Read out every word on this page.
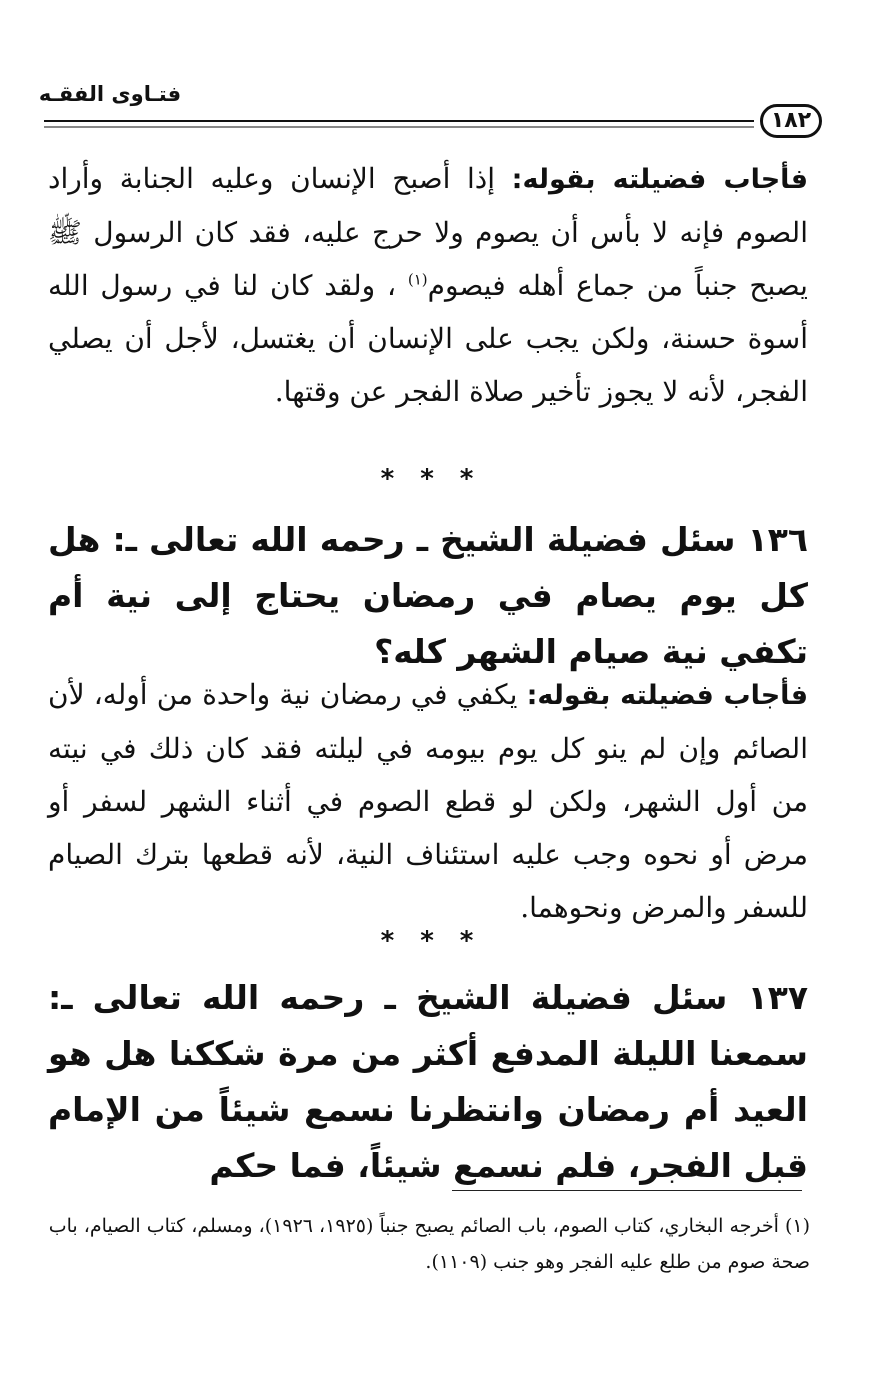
فتـاوى الفقـه
١٨٢

فأجاب فضيلته بقوله: إذا أصبح الإنسان وعليه الجنابة وأراد الصوم فإنه لا بأس أن يصوم ولا حرج عليه، فقد كان الرسول ﷺ يصبح جنباً من جماع أهله فيصوم$^{(١)}$ ، ولقد كان لنا في رسول الله أسوة حسنة، ولكن يجب على الإنسان أن يغتسل، لأجل أن يصلي الفجر، لأنه لا يجوز تأخير صلاة الفجر عن وقتها.

***

١٣٦ سئل فضيلة الشيخ ـ رحمه الله تعالى ـ: هل كل يوم يصام في رمضان يحتاج إلى نية أم تكفي نية صيام الشهر كله؟

فأجاب فضيلته بقوله: يكفي في رمضان نية واحدة من أوله، لأن الصائم وإن لم ينو كل يوم بيومه في ليلته فقد كان ذلك في نيته من أول الشهر، ولكن لو قطع الصوم في أثناء الشهر لسفر أو مرض أو نحوه وجب عليه استئناف النية، لأنه قطعها بترك الصيام للسفر والمرض ونحوهما.

***

١٣٧ سئل فضيلة الشيخ ـ رحمه الله تعالى ـ: سمعنا الليلة المدفع أكثر من مرة شككنا هل هو العيد أم رمضان وانتظرنا نسمع شيئاً من الإمام قبل الفجر، فلم نسمع شيئاً، فما حكم

(١) أخرجه البخاري، كتاب الصوم، باب الصائم يصبح جنباً (١٩٢٥، ١٩٢٦)، ومسلم، كتاب الصيام، باب صحة صوم من طلع عليه الفجر وهو جنب (١١٠٩).
